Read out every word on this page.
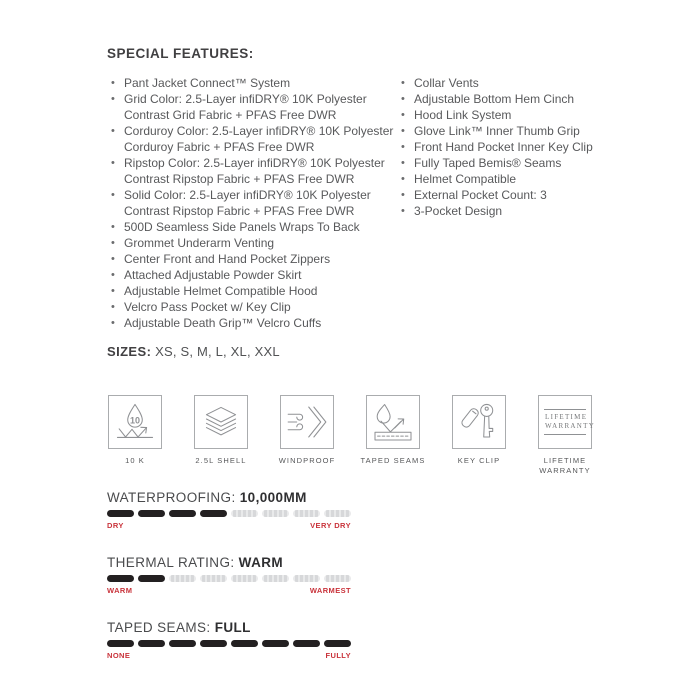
SPECIAL FEATURES:
• Pant Jacket Connect™ System
• Grid Color: 2.5-Layer infiDRY® 10K Polyester Contrast Grid Fabric + PFAS Free DWR
• Corduroy Color: 2.5-Layer infiDRY® 10K Polyester Corduroy Fabric + PFAS Free DWR
• Ripstop Color: 2.5-Layer infiDRY® 10K Polyester Contrast Ripstop Fabric + PFAS Free DWR
• Solid Color: 2.5-Layer infiDRY® 10K Polyester Contrast Ripstop Fabric + PFAS Free DWR
• 500D Seamless Side Panels Wraps To Back
• Grommet Underarm Venting
• Center Front and Hand Pocket Zippers
• Attached Adjustable Powder Skirt
• Adjustable Helmet Compatible Hood
• Velcro Pass Pocket w/ Key Clip
• Adjustable Death Grip™ Velcro Cuffs
• Collar Vents
• Adjustable Bottom Hem Cinch
• Hood Link System
• Glove Link™ Inner Thumb Grip
• Front Hand Pocket Inner Key Clip
• Fully Taped Bemis® Seams
• Helmet Compatible
• External Pocket Count: 3
• 3-Pocket Design

SIZES: XS, S, M, L, XL, XXL

10
10 K	2.5L SHELL	WINDPROOF	TAPED SEAMS	KEY CLIP
LIFETIME
WARRANTY
LIFETIME WARRANTY

WATERPROOFING: 10,000MM

DRY	VERY DRY

THERMAL RATING: WARM

WARM	WARMEST

TAPED SEAMS: FULL

NONE	FULLY
